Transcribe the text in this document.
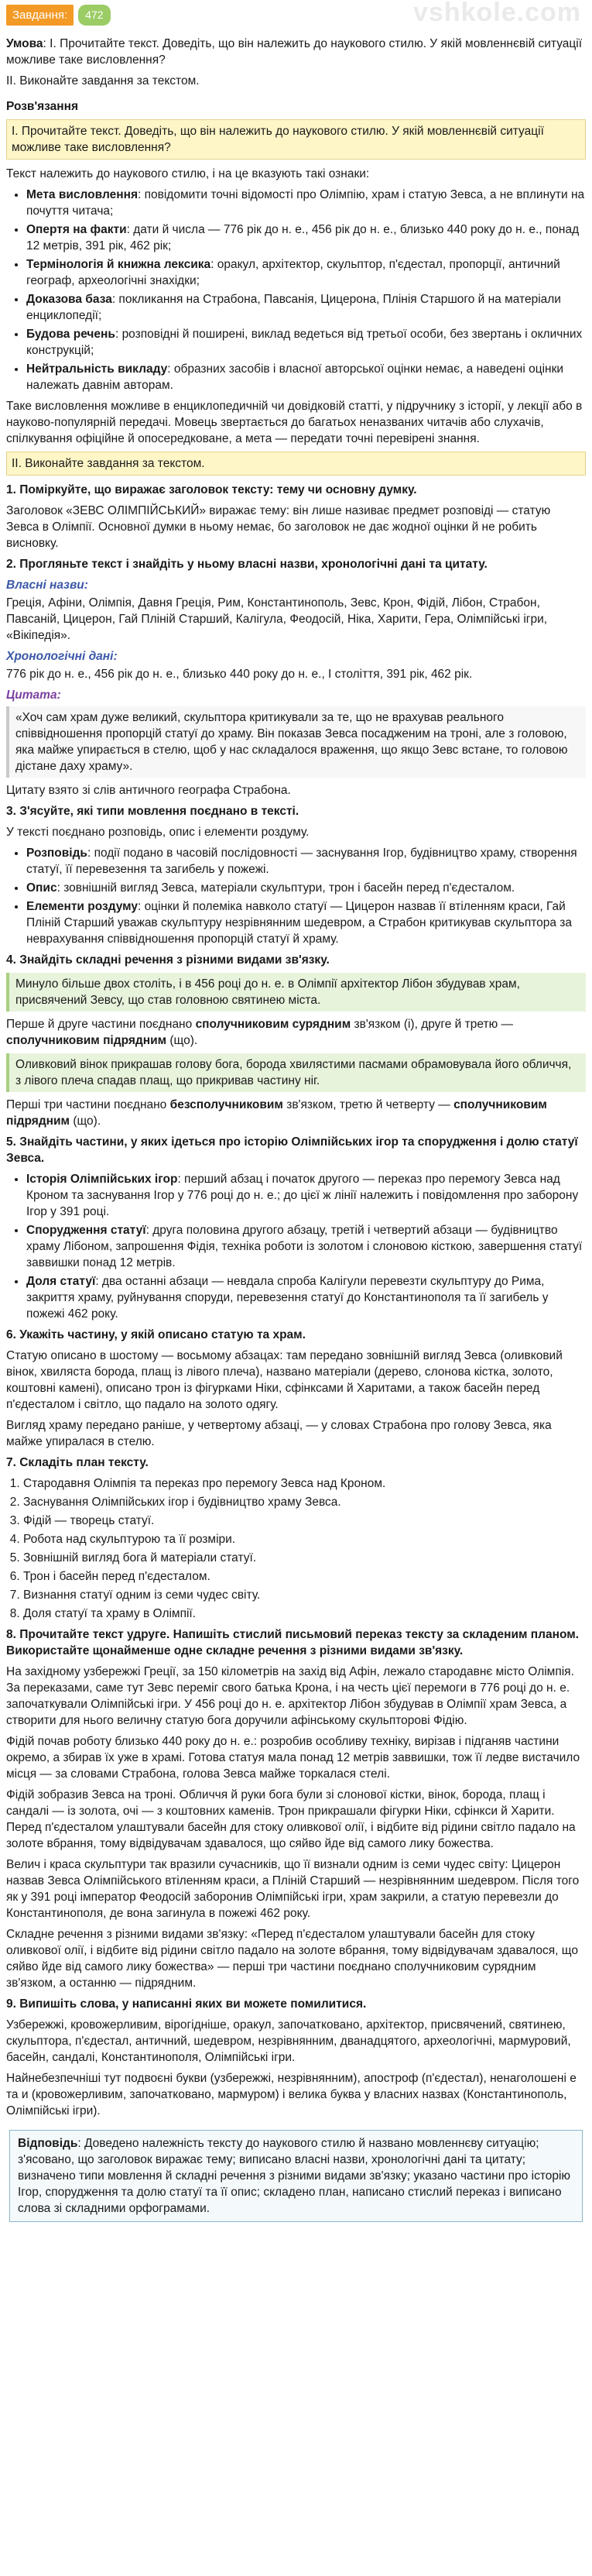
Завдання: 472	vshkole.com

Умова: І. Прочитайте текст. Доведіть, що він належить до наукового стилю. У якій мовленнєвій ситуації можливе таке висловлення?

ІІ. Виконайте завдання за текстом.

Розв'язання
І. Прочитайте текст. Доведіть, що він належить до наукового стилю. У якій мовленнєвій ситуації можливе таке висловлення?

Текст належить до наукового стилю, і на це вказують такі ознаки:

• Мета висловлення: повідомити точні відомості про Олімпію, храм і статую Зевса, а не вплинути на почуття читача;
• Опертя на факти: дати й числа — 776 рік до н. е., 456 рік до н. е., близько 440 року до н. е., понад 12 метрів, 391 рік, 462 рік;
• Термінологія й книжна лексика: оракул, архітектор, скульптор, п'єдестал, пропорції, античний географ, археологічні знахідки;
• Доказова база: покликання на Страбона, Павсанія, Цицерона, Плінія Старшого й на матеріали енциклопедії;
• Будова речень: розповідні й поширені, виклад ведеться від третьої особи, без звертань і окличних конструкцій;
• Нейтральність викладу: образних засобів і власної авторської оцінки немає, а наведені оцінки належать давнім авторам.

Таке висловлення можливе в енциклопедичній чи довідковій статті, у підручнику з історії, у лекції або в науково-популярній передачі. Мовець звертається до багатьох неназваних читачів або слухачів, спілкування офіційне й опосередковане, а мета — передати точні перевірені знання.

ІІ. Виконайте завдання за текстом.

1. Поміркуйте, що виражає заголовок тексту: тему чи основну думку.

Заголовок «ЗЕВС ОЛІМПІЙСЬКИЙ» виражає тему: він лише називає предмет розповіді — статую Зевса в Олімпії. Основної думки в ньому немає, бо заголовок не дає жодної оцінки й не робить висновку.

2. Прогляньте текст і знайдіть у ньому власні назви, хронологічні дані та цитату.

Власні назви:

Греція, Афіни, Олімпія, Давня Греція, Рим, Константинополь, Зевс, Крон, Фідій, Лібон, Страбон, Павсаній, Цицерон, Гай Пліній Старший, Калігула, Феодосій, Ніка, Харити, Гера, Олімпійські ігри, «Вікіпедія».

Хронологічні дані:

776 рік до н. е., 456 рік до н. е., близько 440 року до н. е., І століття, 391 рік, 462 рік.

Цитата:
«Хоч сам храм дуже великий, скульптора критикували за те, що не врахував реального співвідношення пропорцій статуї до храму. Він показав Зевса посадженим на троні, але з головою, яка майже упирається в стелю, щоб у нас складалося враження, що якщо Зевс встане, то головою дістане даху храму».

Цитату взято зі слів античного географа Страбона.

3. З'ясуйте, які типи мовлення поєднано в тексті.

У тексті поєднано розповідь, опис і елементи роздуму.

• Розповідь: події подано в часовій послідовності — заснування Ігор, будівництво храму, створення статуї, її перевезення та загибель у пожежі.
• Опис: зовнішній вигляд Зевса, матеріали скульптури, трон і басейн перед п'єдесталом.
• Елементи роздуму: оцінки й полеміка навколо статуї — Цицерон назвав її втіленням краси, Гай Пліній Старший уважав скульптуру незрівнянним шедевром, а Страбон критикував скульптора за неврахування співвідношення пропорцій статуї й храму.

4. Знайдіть складні речення з різними видами зв'язку.

Минуло більше двох століть, і в 456 році до н. е. в Олімпії архітектор Лібон збудував храм, присвячений Зевсу, що став головною святинею міста.

Перше й друге частини поєднано сполучниковим сурядним зв'язком (і), друге й третю — сполучниковим підрядним (що).

Оливковий вінок прикрашав голову бога, борода хвилястими пасмами обрамовувала його обличчя, з лівого плеча спадав плащ, що прикривав частину ніг.

Перші три частини поєднано безсполучниковим зв'язком, третю й четверту — сполучниковим підрядним (що).

5. Знайдіть частини, у яких ідеться про історію Олімпійських ігор та спорудження і долю статуї Зевса.

• Історія Олімпійських ігор: перший абзац і початок другого — переказ про перемогу Зевса над Кроном та заснування Ігор у 776 році до н. е.; до цієї ж лінії належить і повідомлення про заборону Ігор у 391 році.
• Спорудження статуї: друга половина другого абзацу, третій і четвертий абзаци — будівництво храму Лібоном, запрошення Фідія, техніка роботи із золотом і слоновою кісткою, завершення статуї заввишки понад 12 метрів.
• Доля статуї: два останні абзаци — невдала спроба Калігули перевезти скульптуру до Рима, закриття храму, руйнування споруди, перевезення статуї до Константинополя та її загибель у пожежі 462 року.

6. Укажіть частину, у якій описано статую та храм.

Статую описано в шостому — восьмому абзацах: там передано зовнішній вигляд Зевса (оливковий вінок, хвиляста борода, плащ із лівого плеча), названо матеріали (дерево, слонова кістка, золото, коштовні камені), описано трон із фігурками Ніки, сфінксами й Харитами, а також басейн перед п'єдесталом і світло, що падало на золото одягу.

Вигляд храму передано раніше, у четвертому абзаці, — у словах Страбона про голову Зевса, яка майже упиралася в стелю.

7. Складіть план тексту.

1. Стародавня Олімпія та переказ про перемогу Зевса над Кроном.
2. Заснування Олімпійських ігор і будівництво храму Зевса.
3. Фідій — творець статуї.
4. Робота над скульптурою та її розміри.
5. Зовнішній вигляд бога й матеріали статуї.
6. Трон і басейн перед п'єдесталом.
7. Визнання статуї одним із семи чудес світу.
8. Доля статуї та храму в Олімпії.

8. Прочитайте текст удруге. Напишіть стислий письмовий переказ тексту за складеним планом. Використайте щонайменше одне складне речення з різними видами зв'язку.

На західному узбережжі Греції, за 150 кілометрів на захід від Афін, лежало стародавнє місто Олімпія. За переказами, саме тут Зевс переміг свого батька Крона, і на честь цієї перемоги в 776 році до н. е. започаткували Олімпійські ігри. У 456 році до н. е. архітектор Лібон збудував в Олімпії храм Зевса, а створити для нього величну статую бога доручили афінському скульпторові Фідію.

Фідій почав роботу близько 440 року до н. е.: розробив особливу техніку, вирізав і підганяв частини окремо, а збирав їх уже в храмі. Готова статуя мала понад 12 метрів заввишки, тож її ледве вистачило місця — за словами Страбона, голова Зевса майже торкалася стелі.

Фідій зобразив Зевса на троні. Обличчя й руки бога були зі слонової кістки, вінок, борода, плащ і сандалі — із золота, очі — з коштовних каменів. Трон прикрашали фігурки Ніки, сфінкси й Харити. Перед п'єдесталом улаштували басейн для стоку оливкової олії, і відбите від рідини світло падало на золоте вбрання, тому відвідувачам здавалося, що сяйво йде від самого лику божества.

Велич і краса скульптури так вразили сучасників, що її визнали одним із семи чудес світу: Цицерон назвав Зевса Олімпійського втіленням краси, а Пліній Старший — незрівнянним шедевром. Після того як у 391 році імператор Феодосій заборонив Олімпійські ігри, храм закрили, а статую перевезли до Константинополя, де вона загинула в пожежі 462 року.

Складне речення з різними видами зв'язку: «Перед п'єдесталом улаштували басейн для стоку оливкової олії, і відбите від рідини світло падало на золоте вбрання, тому відвідувачам здавалося, що сяйво йде від самого лику божества» — перші три частини поєднано сполучниковим сурядним зв'язком, а останню — підрядним.

9. Випишіть слова, у написанні яких ви можете помилитися.

Узбережжі, кровожерливим, вірогідніше, оракул, започатковано, архітектор, присвячений, святинею, скульптора, п'єдестал, античний, шедевром, незрівнянним, дванадцятого, археологічні, мармуровий, басейн, сандалі, Константинополя, Олімпійські ігри.

Найнебезпечніші тут подвоєні букви (узбережжі, незрівнянним), апостроф (п'єдестал), ненаголошені е та и (кровожерливим, започатковано, мармуром) і велика буква у власних назвах (Константинополь, Олімпійські ігри).

Відповідь: Доведено належність тексту до наукового стилю й названо мовленнєву ситуацію; з'ясовано, що заголовок виражає тему; виписано власні назви, хронологічні дані та цитату; визначено типи мовлення й складні речення з різними видами зв'язку; указано частини про історію Ігор, спорудження та долю статуї та її опис; складено план, написано стислий переказ і виписано слова зі складними орфограмами.
